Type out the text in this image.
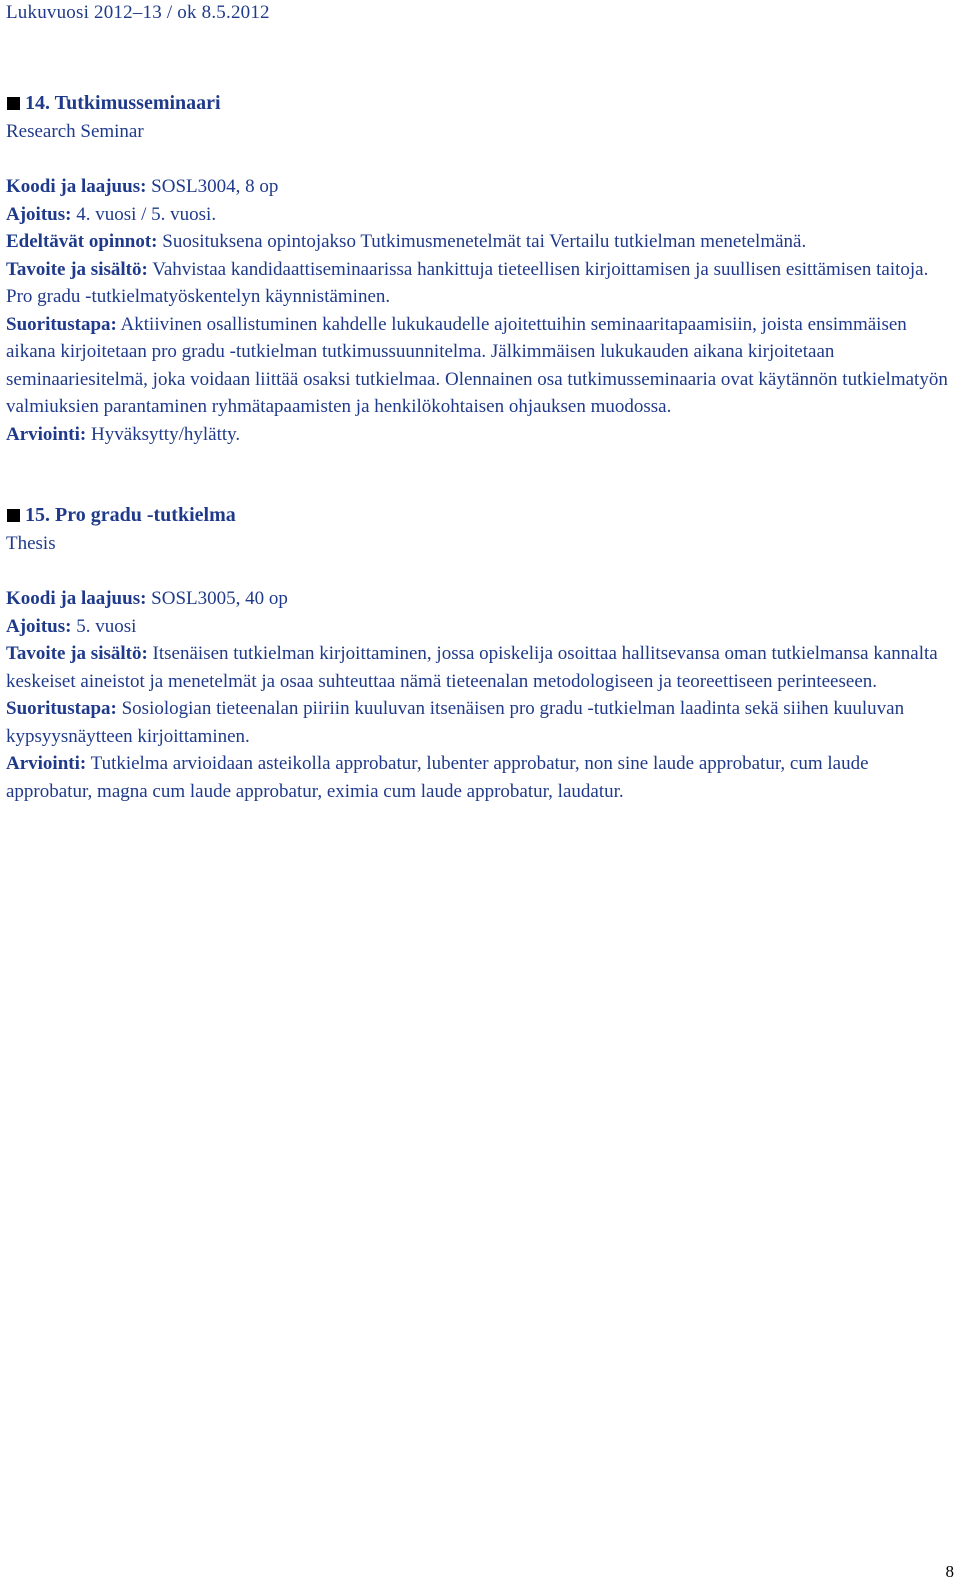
Lukuvuosi 2012–13 / ok 8.5.2012
14. Tutkimusseminaari

Research Seminar

Koodi ja laajuus: SOSL3004, 8 op

Ajoitus: 4. vuosi / 5. vuosi.

Edeltävät opinnot: Suosituksena opintojakso Tutkimusmenetelmät tai Vertailu tutkielman menetelmänä.

Tavoite ja sisältö: Vahvistaa kandidaattiseminaarissa hankittuja tieteellisen kirjoittamisen ja suullisen esittämisen taitoja. Pro gradu -tutkielmatyöskentelyn käynnistäminen.

Suoritustapa: Aktiivinen osallistuminen kahdelle lukukaudelle ajoitettuihin seminaaritapaamisiin, joista ensimmäisen aikana kirjoitetaan pro gradu -tutkielman tutkimussuunnitelma. Jälkimmäisen lukukauden aikana kirjoitetaan seminaariesitelmä, joka voidaan liittää osaksi tutkielmaa. Olennainen osa tutkimusseminaaria ovat käytännön tutkielmatyön valmiuksien parantaminen ryhmätapaamisten ja henkilökohtaisen ohjauksen muodossa.

Arviointi: Hyväksytty/hylätty.

15. Pro gradu -tutkielma

Thesis

Koodi ja laajuus: SOSL3005, 40 op

Ajoitus: 5. vuosi

Tavoite ja sisältö: Itsenäisen tutkielman kirjoittaminen, jossa opiskelija osoittaa hallitsevansa oman tutkielmansa kannalta keskeiset aineistot ja menetelmät ja osaa suhteuttaa nämä tieteenalan metodologiseen ja teoreettiseen perinteeseen.

Suoritustapa: Sosiologian tieteenalan piiriin kuuluvan itsenäisen pro gradu -tutkielman laadinta sekä siihen kuuluvan kypsyysnäytteen kirjoittaminen.

Arviointi: Tutkielma arvioidaan asteikolla approbatur, lubenter approbatur, non sine laude approbatur, cum laude approbatur, magna cum laude approbatur, eximia cum laude approbatur, laudatur.

8
